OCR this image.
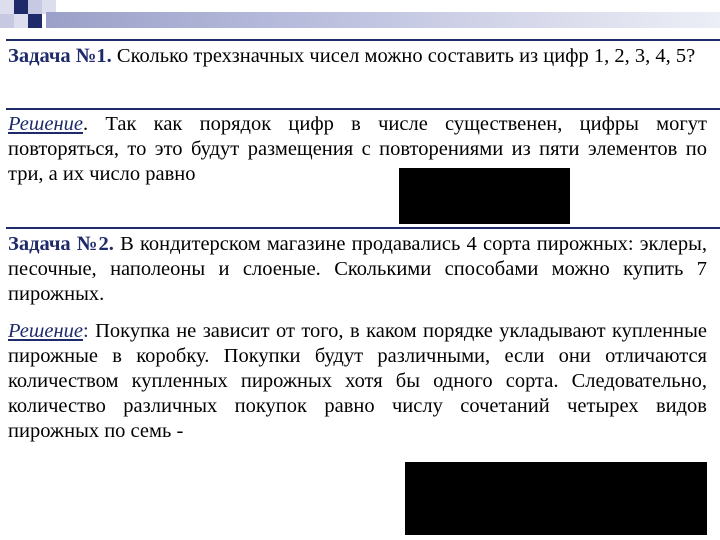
Задача №1. Сколько трехзначных чисел можно составить из цифр 1, 2, 3, 4, 5?
Решение. Так как порядок цифр в числе существенен, цифры могут повторяться, то это будут размещения с повторениями из пяти элементов по три, а их число равно
Задача №2. В кондитерском магазине продавались 4 сорта пирожных: эклеры, песочные, наполеоны и слоеные. Сколькими способами можно купить 7 пирожных.
Решение: Покупка не зависит от того, в каком порядке укладывают купленные пирожные в коробку. Покупки будут различными, если они отличаются количеством купленных пирожных хотя бы одного сорта. Следовательно, количество различных покупок равно числу сочетаний четырех видов пирожных по семь -
